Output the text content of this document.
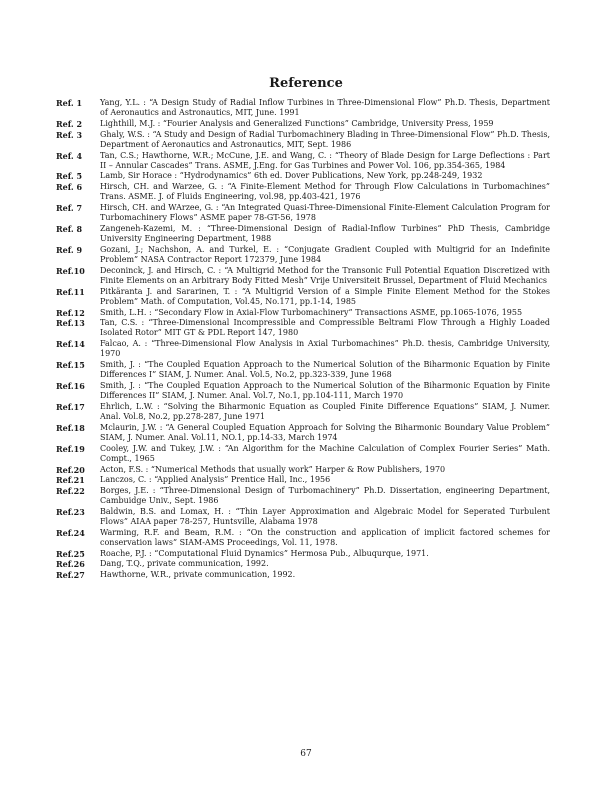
Reference
Ref. 1	Yang, Y.L. : “A Design Study of Radial Inflow Turbines in Three-Dimensional Flow” Ph.D. Thesis, Department of Aeronautics and Astronautics, MIT, June. 1991
Ref. 2	Lighthill, M.J. : “Fourier Analysis and Generalized Functions” Cambridge, University Press, 1959
Ref. 3	Ghaly, W.S. : “A Study and Design of Radial Turbomachinery Blading in Three-Dimensional Flow” Ph.D. Thesis, Department of Aeronautics and Astronautics, MIT, Sept. 1986
Ref. 4	Tan, C.S.; Hawthorne, W.R.; McCune, J.E. and Wang, C. : “Theory of Blade Design for Large Deflections : Part II – Annular Cascades” Trans. ASME, J.Eng. for Gas Turbines and Power Vol. 106, pp.354-365, 1984
Ref. 5	Lamb, Sir Horace : “Hydrodynamics” 6th ed. Dover Publications, New York, pp.248-249, 1932
Ref. 6	Hirsch, CH. and Warzee, G. : “A Finite-Element Method for Through Flow Calculations in Turbomachines” Trans. ASME. J. of Fluids Engineering, vol.98, pp.403-421, 1976
Ref. 7	Hirsch, CH. and WArzee, G. : “An Integrated Quasi-Three-Dimensional Finite-Element Calculation Program for Turbomachinery Flows” ASME paper 78-GT-56, 1978
Ref. 8	Zangeneh-Kazemi, M. : “Three-Dimensional Design of Radial-Inflow Turbines” PhD Thesis, Cambridge University Engineering Department, 1988
Ref. 9	Gozani, J.; Nachshon, A. and Turkel, E. : “Conjugate Gradient Coupled with Multigrid for an Indefinite Problem” NASA Contractor Report 172379, June 1984
Ref.10	Deconinck, J. and Hirsch, C. : “A Multigrid Method for the Transonic Full Potential Equation Discretized with Finite Elements on an Arbitrary Body Fitted Mesh” Vrije Universiteit Brussel, Department of Fluid Mechanics
Ref.11	Pitkäranta J. and Sararinen, T. : “A Multigrid Version of a Simple Finite Element Method for the Stokes Problem” Math. of Computation, Vol.45, No.171, pp.1-14, 1985
Ref.12	Smith, L.H. : “Secondary Flow in Axial-Flow Turbomachinery” Transactions ASME, pp.1065-1076, 1955
Ref.13	Tan, C.S. : “Three-Dimensional Incompressible and Compressible Beltrami Flow Through a Highly Loaded Isolated Rotor” MIT GT & PDL Report 147, 1980
Ref.14	Falcao, A. : “Three-Dimensional Flow Analysis in Axial Turbomachines” Ph.D. thesis, Cambridge University, 1970
Ref.15	Smith, J. : “The Coupled Equation Approach to the Numerical Solution of the Biharmonic Equation by Finite Differences I” SIAM, J. Numer. Anal. Vol.5, No.2, pp.323-339, June 1968
Ref.16	Smith, J. : “The Coupled Equation Approach to the Numerical Solution of the Biharmonic Equation by Finite Differences II” SIAM, J. Numer. Anal. Vol.7, No.1, pp.104-111, March 1970
Ref.17	Ehrlich, L.W. : “Solving the Biharmonic Equation as Coupled Finite Difference Equations” SIAM, J. Numer. Anal. Vol.8, No.2, pp.278-287, June 1971
Ref.18	Mclaurin, J.W. : “A General Coupled Equation Approach for Solving the Biharmonic Boundary Value Problem” SIAM, J. Numer. Anal. Vol.11, NO.1, pp.14-33, March 1974
Ref.19	Cooley, J.W. and Tukey, J.W. : “An Algorithm for the Machine Calculation of Complex Fourier Series” Math. Compt., 1965
Ref.20	Acton, F.S. : “Numerical Methods that usually work” Harper & Row Publishers, 1970
Ref.21	Lanczos, C. : “Applied Analysis” Prentice Hall, Inc., 1956
Ref.22	Borges, J.E. : “Three-Dimensional Design of Turbomachinery” Ph.D. Dissertation, engineering Department, Cambuidge Univ., Sept. 1986
Ref.23	Baldwin, B.S. and Lomax, H. : “Thin Layer Approximation and Algebraic Model for Seperated Turbulent Flows” AIAA paper 78-257, Huntsville, Alabama 1978
Ref.24	Warming, R.F. and Beam, R.M. : “On the construction and application of implicit factored schemes for conservation laws” SIAM-AMS Proceedings, Vol. 11, 1978.
Ref.25	Roache, P.J. : “Computational Fluid Dynamics” Hermosa Pub., Albuqurque, 1971.
Ref.26	Dang, T.Q., private communication, 1992.
Ref.27	Hawthorne, W.R., private communication, 1992.
67
